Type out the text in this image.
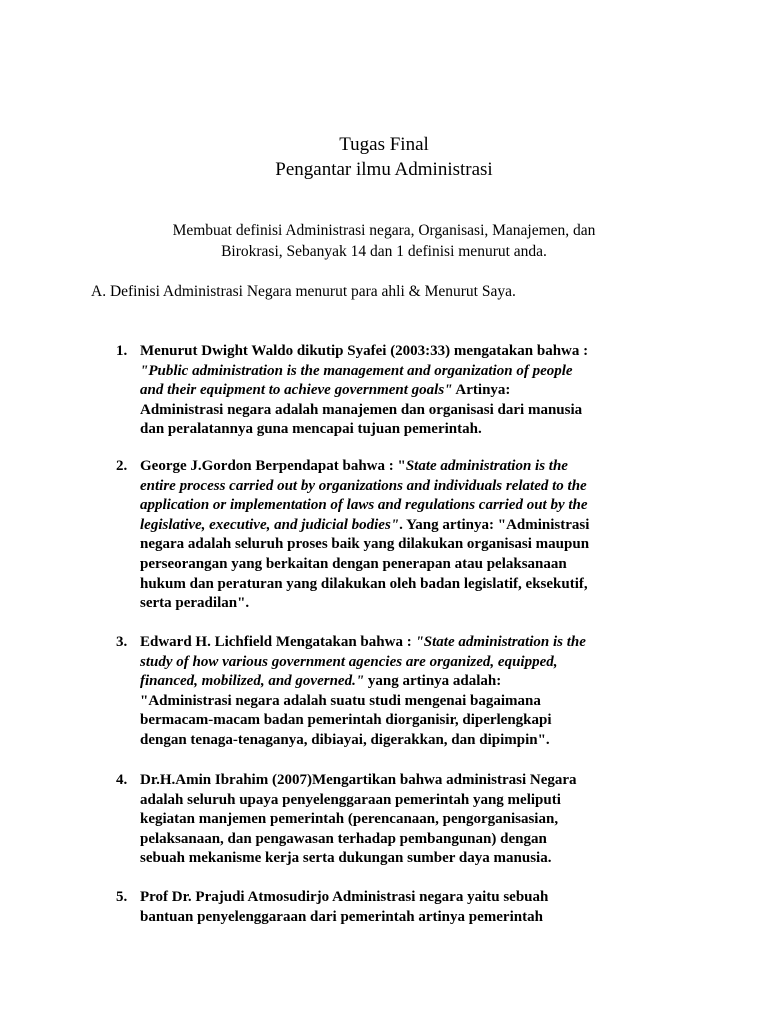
Tugas Final
Pengantar ilmu Administrasi
Membuat definisi Administrasi negara, Organisasi, Manajemen, dan
Birokrasi, Sebanyak 14 dan 1 definisi menurut anda.
A. Definisi Administrasi Negara menurut para ahli & Menurut Saya.
1. Menurut Dwight Waldo dikutip Syafei (2003:33) mengatakan bahwa :
"Public administration is the management and organization of people
and their equipment to achieve government goals" Artinya:
Administrasi negara adalah manajemen dan organisasi dari manusia
dan peralatannya guna mencapai tujuan pemerintah.
2. George J.Gordon Berpendapat bahwa : "State administration is the
entire process carried out by organizations and individuals related to the
application or implementation of laws and regulations carried out by the
legislative, executive, and judicial bodies". Yang artinya: "Administrasi
negara adalah seluruh proses baik yang dilakukan organisasi maupun
perseorangan yang berkaitan dengan penerapan atau pelaksanaan
hukum dan peraturan yang dilakukan oleh badan legislatif, eksekutif,
serta peradilan".
3. Edward H. Lichfield Mengatakan bahwa : "State administration is the
study of how various government agencies are organized, equipped,
financed, mobilized, and governed." yang artinya adalah:
"Administrasi negara adalah suatu studi mengenai bagaimana
bermacam-macam badan pemerintah diorganisir, diperlengkapi
dengan tenaga-tenaganya, dibiayai, digerakkan, dan dipimpin".
4. Dr.H.Amin Ibrahim (2007)Mengartikan bahwa administrasi Negara
adalah seluruh upaya penyelenggaraan pemerintah yang meliputi
kegiatan manjemen pemerintah (perencanaan, pengorganisasian,
pelaksanaan, dan pengawasan terhadap pembangunan) dengan
sebuah mekanisme kerja serta dukungan sumber daya manusia.
5. Prof Dr. Prajudi Atmosudirjo Administrasi negara yaitu sebuah
bantuan penyelenggaraan dari pemerintah artinya pemerintah
